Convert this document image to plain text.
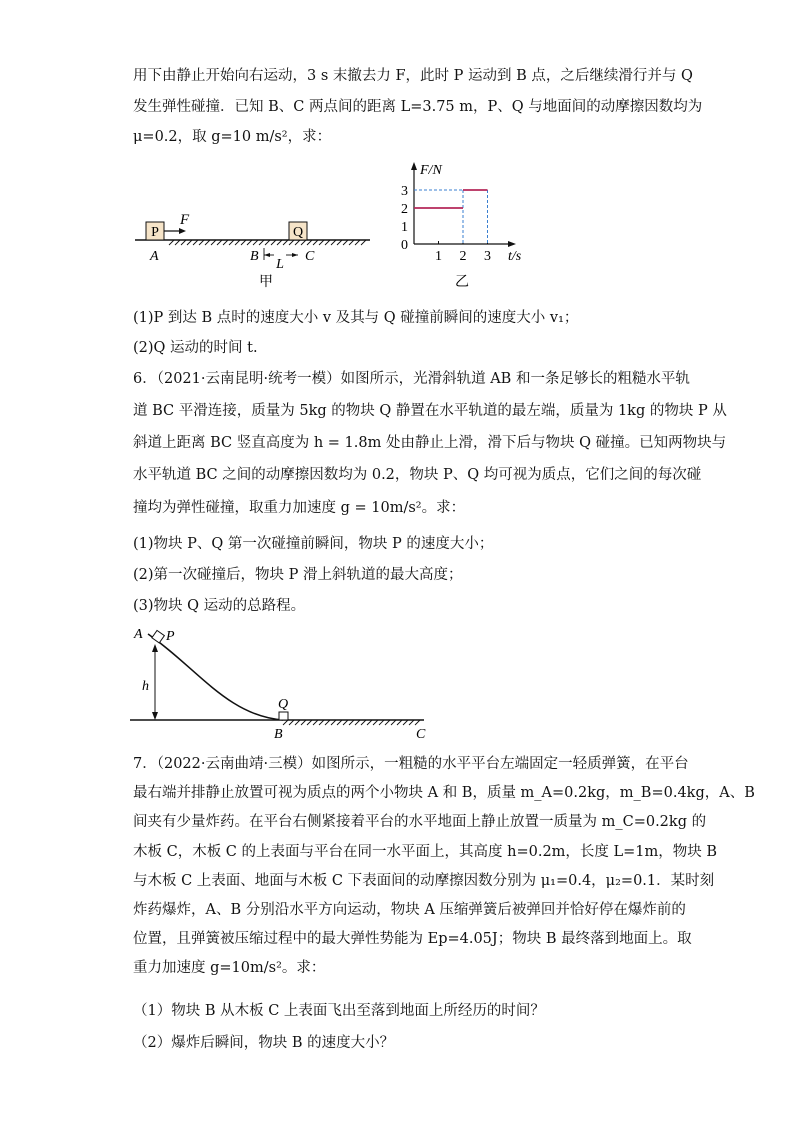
用下由静止开始向右运动，3 s 末撤去力 F，此时 P 运动到 B 点，之后继续滑行并与 Q
发生弹性碰撞．已知 B、C 两点间的距离 L=3.75 m，P、Q 与地面间的动摩擦因数均为
μ=0.2，取 g=10 m/s²，求：
P
F
Q
A	B	C
L
甲
F/N
t/s
3
2
1
0
1 2 3
乙
(1)P 到达 B 点时的速度大小 v 及其与 Q 碰撞前瞬间的速度大小 v₁；
(2)Q 运动的时间 t.
6．（2021·云南昆明·统考一模）如图所示，光滑斜轨道 AB 和一条足够长的粗糙水平轨
道 BC 平滑连接，质量为 5kg 的物块 Q 静置在水平轨道的最左端，质量为 1kg 的物块 P 从
斜道上距离 BC 竖直高度为 h = 1.8m 处由静止上滑，滑下后与物块 Q 碰撞。已知两物块与
水平轨道 BC 之间的动摩擦因数均为 0.2，物块 P、Q 均可视为质点，它们之间的每次碰
撞均为弹性碰撞，取重力加速度 g = 10m/s²。求：
(1)物块 P、Q 第一次碰撞前瞬间，物块 P 的速度大小；
(2)第一次碰撞后，物块 P 滑上斜轨道的最大高度；
(3)物块 Q 运动的总路程。
A P
h
Q
B	C
7．（2022·云南曲靖·三模）如图所示，一粗糙的水平平台左端固定一轻质弹簧，在平台
最右端并排静止放置可视为质点的两个小物块 A 和 B，质量 m_A=0.2kg，m_B=0.4kg，A、B
间夹有少量炸药。在平台右侧紧接着平台的水平地面上静止放置一质量为 m_C=0.2kg 的
木板 C，木板 C 的上表面与平台在同一水平面上，其高度 h=0.2m，长度 L=1m，物块 B
与木板 C 上表面、地面与木板 C 下表面间的动摩擦因数分别为 μ₁=0.4，μ₂=0.1．某时刻
炸药爆炸，A、B 分别沿水平方向运动，物块 A 压缩弹簧后被弹回并恰好停在爆炸前的
位置，且弹簧被压缩过程中的最大弹性势能为 Ep=4.05J；物块 B 最终落到地面上。取
重力加速度 g=10m/s²。求：
（1）物块 B 从木板 C 上表面飞出至落到地面上所经历的时间？
（2）爆炸后瞬间，物块 B 的速度大小？
